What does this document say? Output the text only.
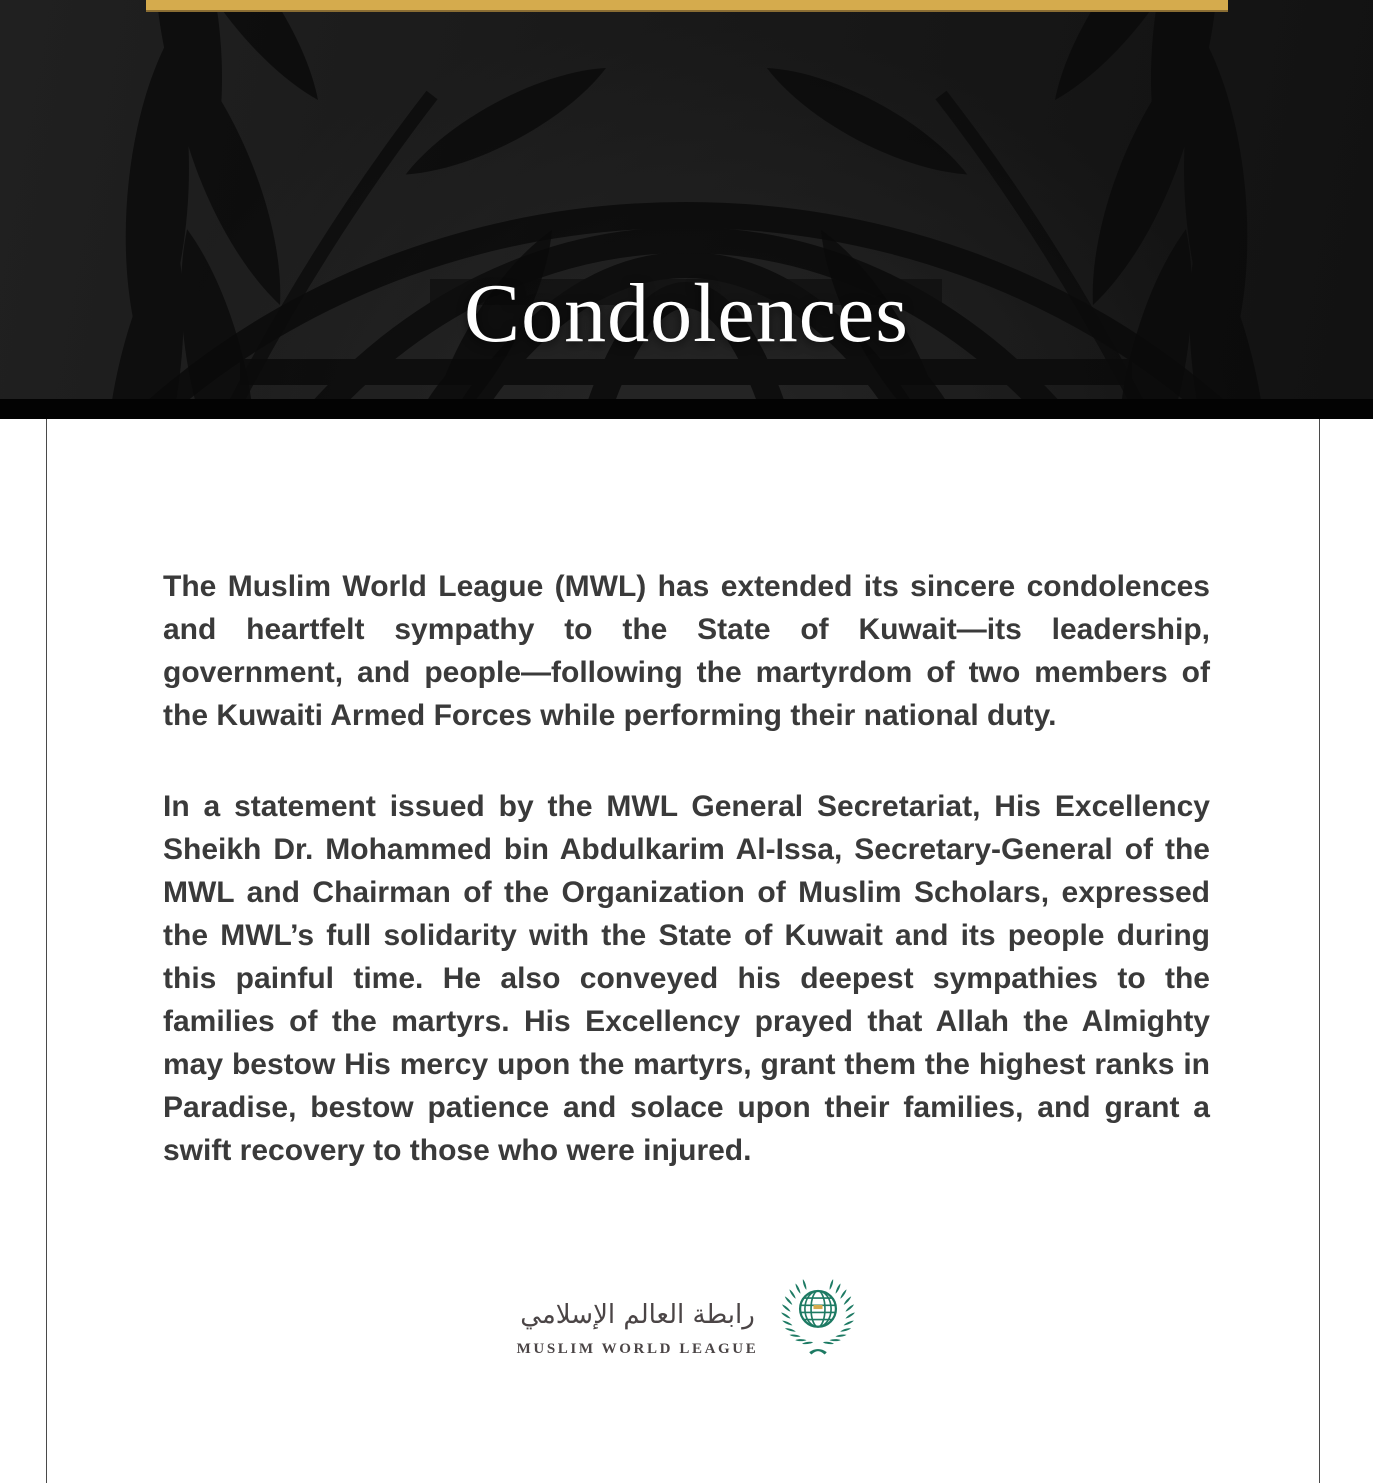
Condolences

The Muslim World League (MWL) has extended its sincere condolences and heartfelt sympathy to the State of Kuwait—its leadership, government, and people—following the martyrdom of two members of the Kuwaiti Armed Forces while performing their national duty.

In a statement issued by the MWL General Secretariat, His Excellency Sheikh Dr. Mohammed bin Abdulkarim Al-Issa, Secretary-General of the MWL and Chairman of the Organization of Muslim Scholars, expressed the MWL’s full solidarity with the State of Kuwait and its people during this painful time. He also conveyed his deepest sympathies to the families of the martyrs. His Excellency prayed that Allah the Almighty may bestow His mercy upon the martyrs, grant them the highest ranks in Paradise, bestow patience and solace upon their families, and grant a swift recovery to those who were injured.

رابطة العالم الإسلامي
MUSLIM WORLD LEAGUE
